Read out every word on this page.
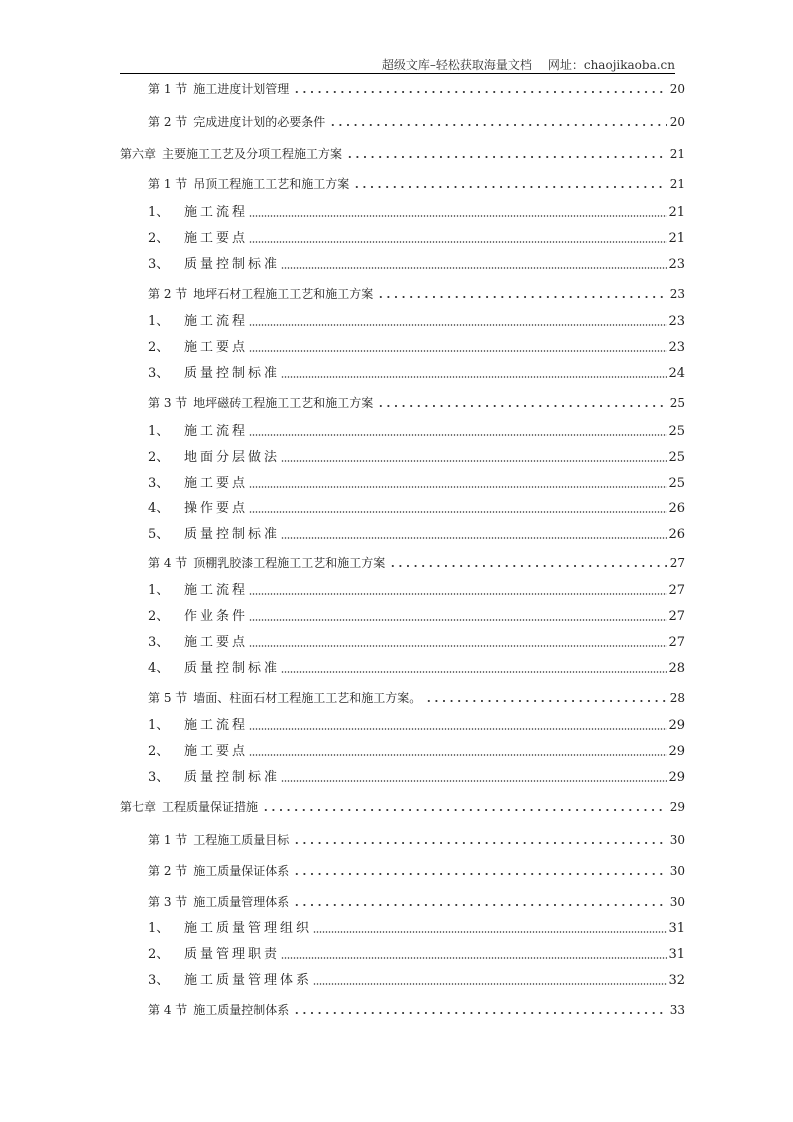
超级文库–轻松获取海量文档 网址：chaojikaoba.cn
第 1 节 施工进度计划管理	20
第 2 节 完成进度计划的必要条件	20
第六章 主要施工工艺及分项工程施工方案	21
第 1 节 吊顶工程施工工艺和施工方案	21
1、	施工流程	21
2、	施工要点	21
3、	质量控制标准	23
第 2 节 地坪石材工程施工工艺和施工方案	23
1、	施工流程	23
2、	施工要点	23
3、	质量控制标准	24
第 3 节 地坪磁砖工程施工工艺和施工方案	25
1、	施工流程	25
2、	地面分层做法	25
3、	施工要点	25
4、	操作要点	26
5、	质量控制标准	26
第 4 节 顶棚乳胶漆工程施工工艺和施工方案	27
1、	施工流程	27
2、	作业条件	27
3、	施工要点	27
4、	质量控制标准	28
第 5 节 墙面、柱面石材工程施工工艺和施工方案。	28
1、	施工流程	29
2、	施工要点	29
3、	质量控制标准	29
第七章 工程质量保证措施	29
第 1 节 工程施工质量目标	30
第 2 节 施工质量保证体系	30
第 3 节 施工质量管理体系	30
1、	施工质量管理组织	31
2、	质量管理职责	31
3、	施工质量管理体系	32
第 4 节 施工质量控制体系	33
